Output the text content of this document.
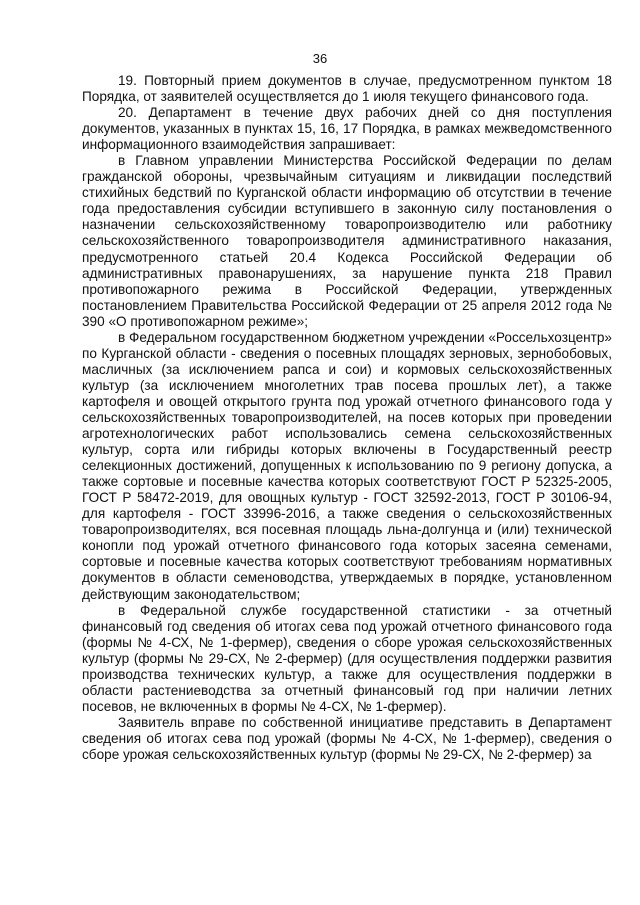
36

19. Повторный прием документов в случае, предусмотренном пунктом 18 Порядка, от заявителей осуществляется до 1 июля текущего финансового года.

20. Департамент в течение двух рабочих дней со дня поступления документов, указанных в пунктах 15, 16, 17 Порядка, в рамках межведомственного информационного взаимодействия запрашивает:

в Главном управлении Министерства Российской Федерации по делам гражданской обороны, чрезвычайным ситуациям и ликвидации последствий стихийных бедствий по Курганской области информацию об отсутствии в течение года предоставления субсидии вступившего в законную силу постановления о назначении сельскохозяйственному товаропроизводителю или работнику сельскохозяйственного товаропроизводителя административного наказания, предусмотренного статьей 20.4 Кодекса Российской Федерации об административных правонарушениях, за нарушение пункта 218 Правил противопожарного режима в Российской Федерации, утвержденных постановлением Правительства Российской Федерации от 25 апреля 2012 года № 390 «О противопожарном режиме»;

в Федеральном государственном бюджетном учреждении «Россельхозцентр» по Курганской области - сведения о посевных площадях зерновых, зернобобовых, масличных (за исключением рапса и сои) и кормовых сельскохозяйственных культур (за исключением многолетних трав посева прошлых лет), а также картофеля и овощей открытого грунта под урожай отчетного финансового года у сельскохозяйственных товаропроизводителей, на посев которых при проведении агротехнологических работ использовались семена сельскохозяйственных культур, сорта или гибриды которых включены в Государственный реестр селекционных достижений, допущенных к использованию по 9 региону допуска, а также сортовые и посевные качества которых соответствуют ГОСТ Р 52325-2005, ГОСТ Р 58472-2019, для овощных культур - ГОСТ 32592-2013, ГОСТ Р 30106-94, для картофеля - ГОСТ 33996-2016, а также сведения о сельскохозяйственных товаропроизводителях, вся посевная площадь льна-долгунца и (или) технической конопли под урожай отчетного финансового года которых засеяна семенами, сортовые и посевные качества которых соответствуют требованиям нормативных документов в области семеноводства, утверждаемых в порядке, установленном действующим законодательством;

в Федеральной службе государственной статистики - за отчетный финансовый год сведения об итогах сева под урожай отчетного финансового года (формы № 4-СХ, № 1-фермер), сведения о сборе урожая сельскохозяйственных культур (формы № 29-СХ, № 2-фермер) (для осуществления поддержки развития производства технических культур, а также для осуществления поддержки в области растениеводства за отчетный финансовый год при наличии летних посевов, не включенных в формы № 4-СХ, № 1-фермер).

Заявитель вправе по собственной инициативе представить в Департамент сведения об итогах сева под урожай (формы № 4-СХ, № 1-фермер), сведения о сборе урожая сельскохозяйственных культур (формы № 29-СХ, № 2-фермер) за
